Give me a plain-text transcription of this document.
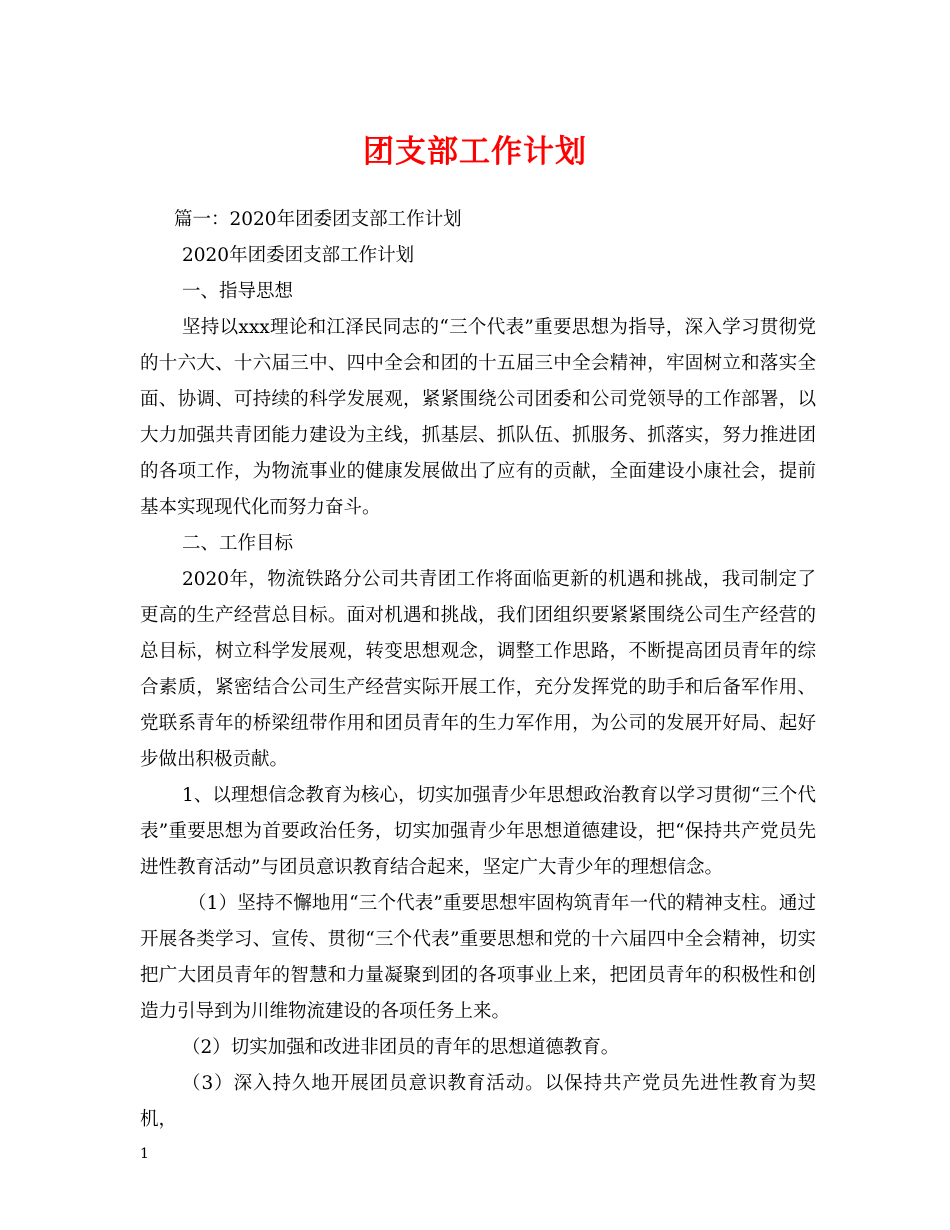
团支部工作计划

篇一：2020年团委团支部工作计划

2020年团委团支部工作计划

一、指导思想

坚持以xxx理论和江泽民同志的“三个代表”重要思想为指导，深入学习贯彻党的十六大、十六届三中、四中全会和团的十五届三中全会精神，牢固树立和落实全面、协调、可持续的科学发展观，紧紧围绕公司团委和公司党领导的工作部署，以大力加强共青团能力建设为主线，抓基层、抓队伍、抓服务、抓落实，努力推进团的各项工作，为物流事业的健康发展做出了应有的贡献，全面建设小康社会，提前基本实现现代化而努力奋斗。

二、工作目标

2020年，物流铁路分公司共青团工作将面临更新的机遇和挑战，我司制定了更高的生产经营总目标。面对机遇和挑战，我们团组织要紧紧围绕公司生产经营的总目标，树立科学发展观，转变思想观念，调整工作思路，不断提高团员青年的综合素质，紧密结合公司生产经营实际开展工作，充分发挥党的助手和后备军作用、党联系青年的桥梁纽带作用和团员青年的生力军作用，为公司的发展开好局、起好步做出积极贡献。

1、以理想信念教育为核心，切实加强青少年思想政治教育以学习贯彻“三个代表”重要思想为首要政治任务，切实加强青少年思想道德建设，把“保持共产党员先进性教育活动”与团员意识教育结合起来，坚定广大青少年的理想信念。

（1）坚持不懈地用“三个代表”重要思想牢固构筑青年一代的精神支柱。通过开展各类学习、宣传、贯彻“三个代表”重要思想和党的十六届四中全会精神，切实把广大团员青年的智慧和力量凝聚到团的各项事业上来，把团员青年的积极性和创造力引导到为川维物流建设的各项任务上来。

（2）切实加强和改进非团员的青年的思想道德教育。

（3）深入持久地开展团员意识教育活动。以保持共产党员先进性教育为契机，

1
